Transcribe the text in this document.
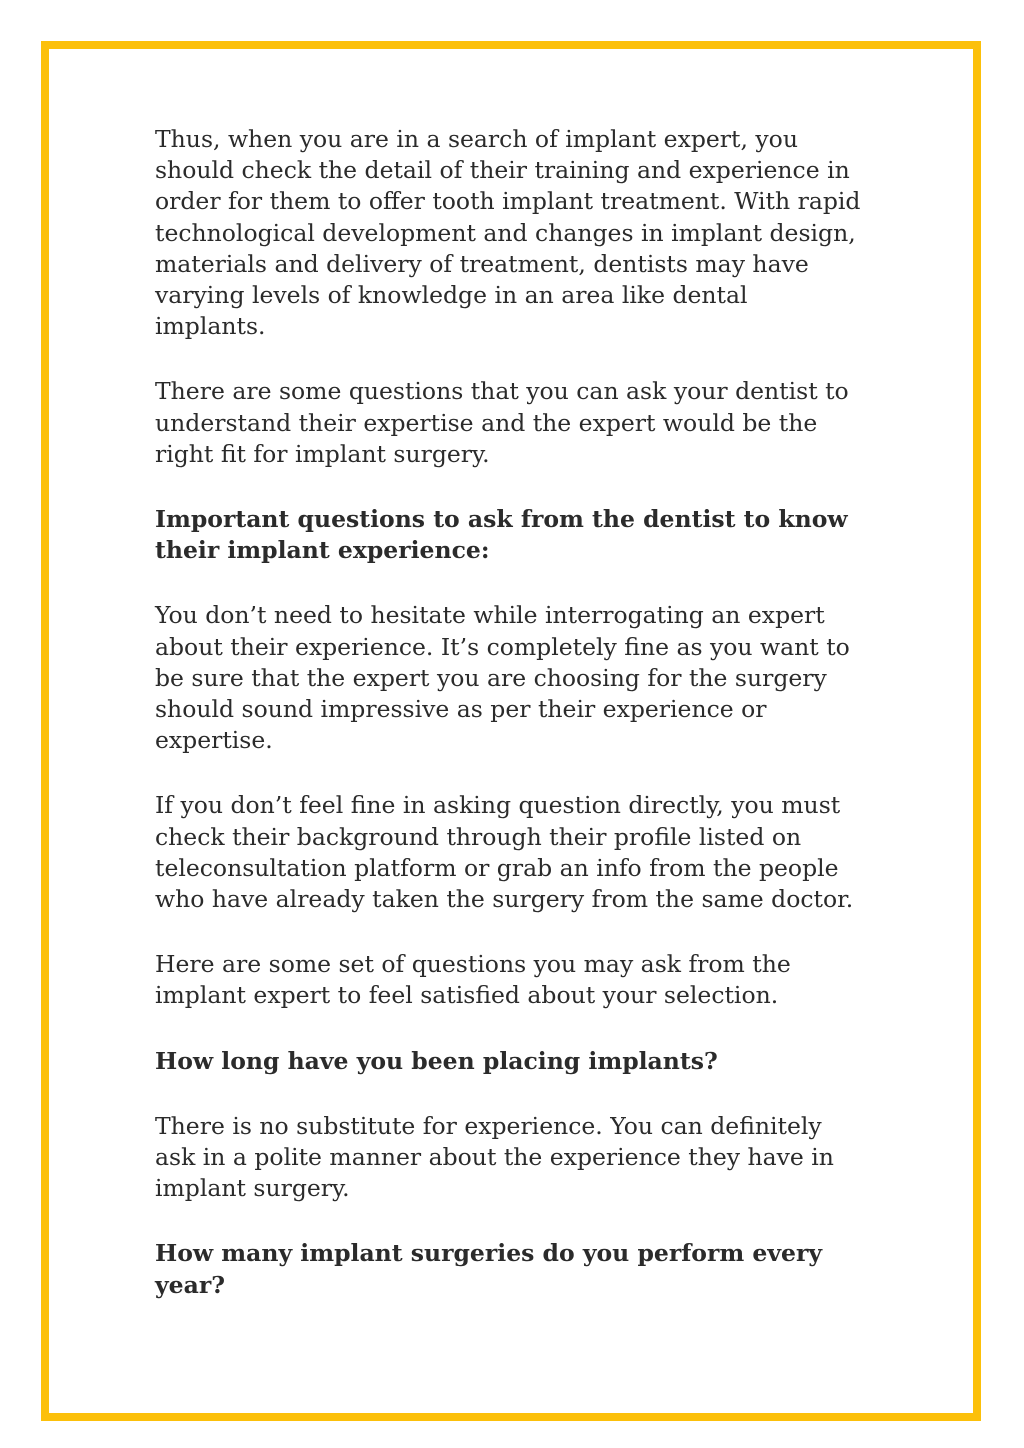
Thus, when you are in a search of implant expert, you should check the detail of their training and experience in order for them to offer tooth implant treatment. With rapid technological development and changes in implant design, materials and delivery of treatment, dentists may have varying levels of knowledge in an area like dental implants.

There are some questions that you can ask your dentist to understand their expertise and the expert would be the right fit for implant surgery.

Important questions to ask from the dentist to know their implant experience:

You don’t need to hesitate while interrogating an expert about their experience. It’s completely fine as you want to be sure that the expert you are choosing for the surgery should sound impressive as per their experience or expertise.

If you don’t feel fine in asking question directly, you must check their background through their profile listed on teleconsultation platform or grab an info from the people who have already taken the surgery from the same doctor.

Here are some set of questions you may ask from the implant expert to feel satisfied about your selection.

How long have you been placing implants?

There is no substitute for experience. You can definitely ask in a polite manner about the experience they have in implant surgery.

How many implant surgeries do you perform every year?
